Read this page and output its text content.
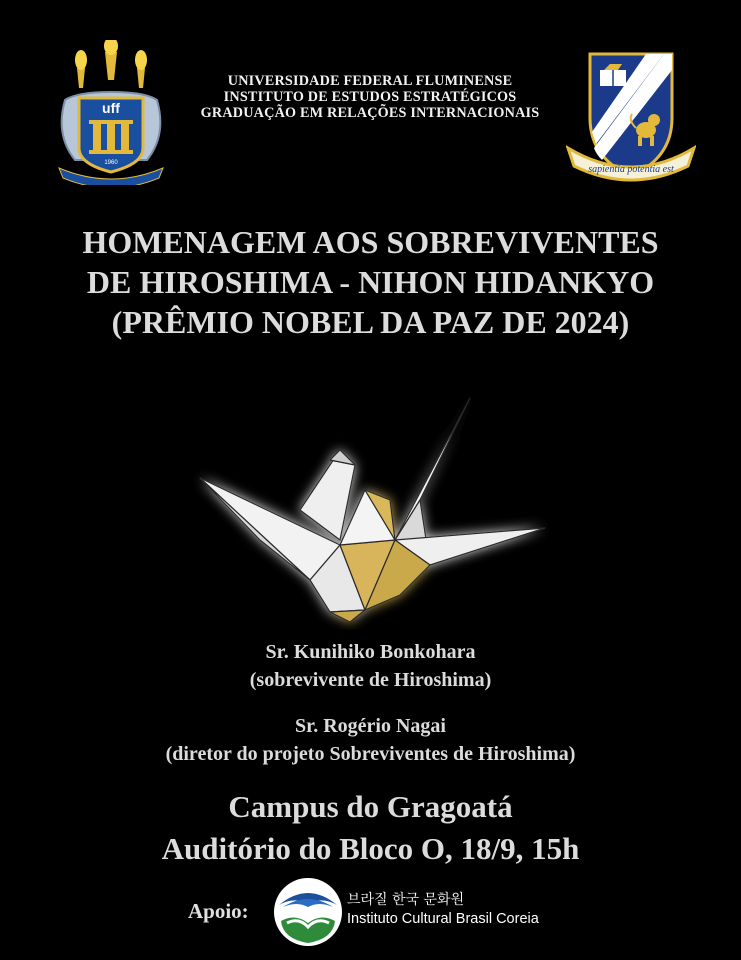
uff
1960
UNIVERSIDADE FEDERAL FLUMINENSE
INSTITUTO DE ESTUDOS ESTRATÉGICOS
GRADUAÇÃO EM RELAÇÕES INTERNACIONAIS
sapientia potentia est
HOMENAGEM AOS SOBREVIVENTES
DE HIROSHIMA - NIHON HIDANKYO
(PRÊMIO NOBEL DA PAZ DE 2024)
Sr. Kunihiko Bonkohara
(sobrevivente de Hiroshima)
Sr. Rogério Nagai
(diretor do projeto Sobreviventes de Hiroshima)
Campus do Gragoatá
Auditório do Bloco O, 18/9, 15h
Apoio:	브라질 한국 문화원
Instituto Cultural Brasil Coreia
